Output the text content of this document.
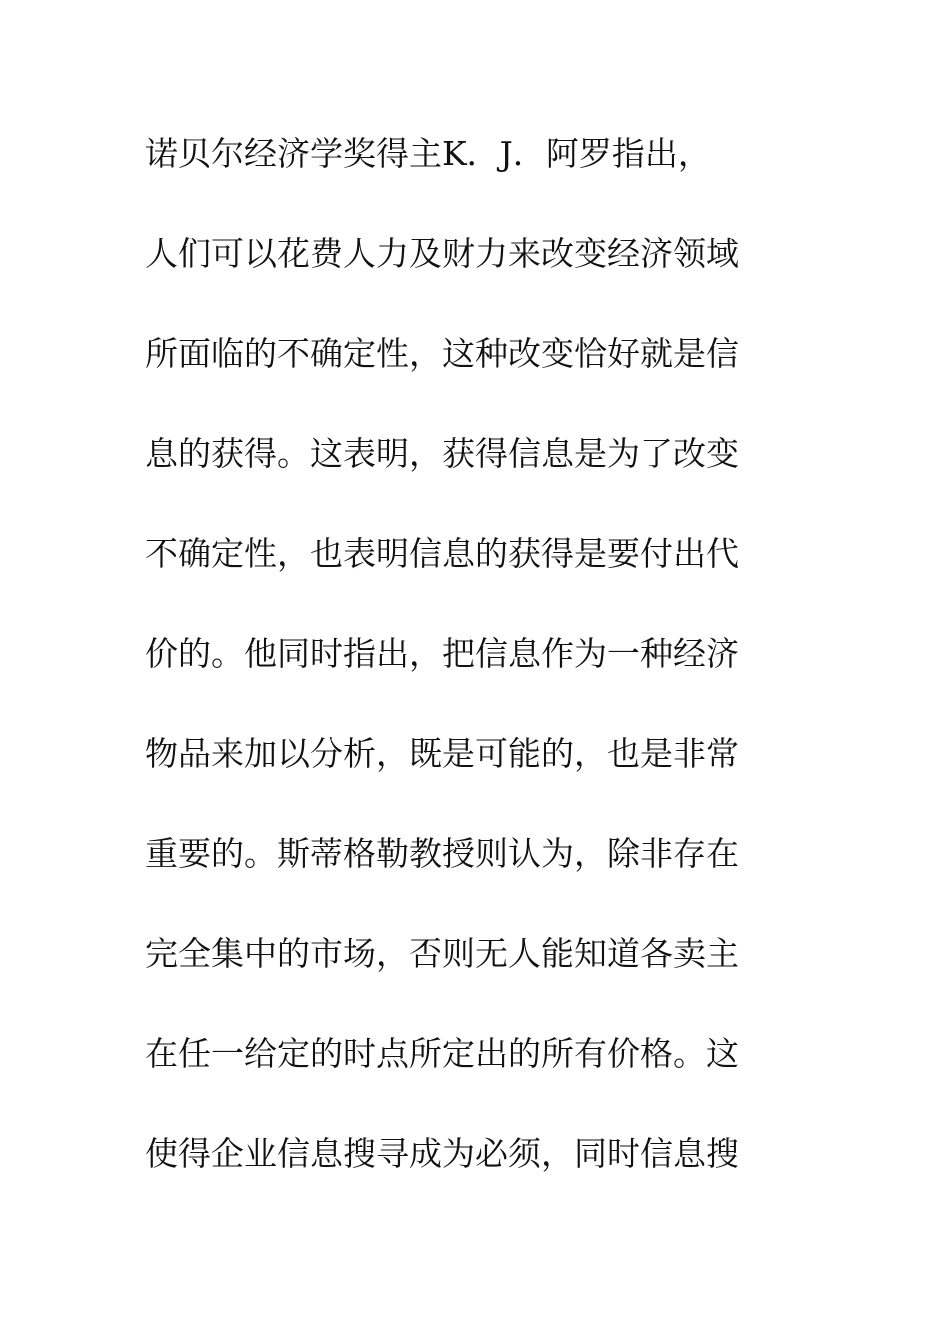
诺贝尔经济学奖得主K．J．阿罗指出，
人们可以花费人力及财力来改变经济领域
所面临的不确定性，这种改变恰好就是信
息的获得。这表明，获得信息是为了改变
不确定性，也表明信息的获得是要付出代
价的。他同时指出，把信息作为一种经济
物品来加以分析，既是可能的，也是非常
重要的。斯蒂格勒教授则认为，除非存在
完全集中的市场，否则无人能知道各卖主
在任一给定的时点所定出的所有价格。这
使得企业信息搜寻成为必须，同时信息搜
